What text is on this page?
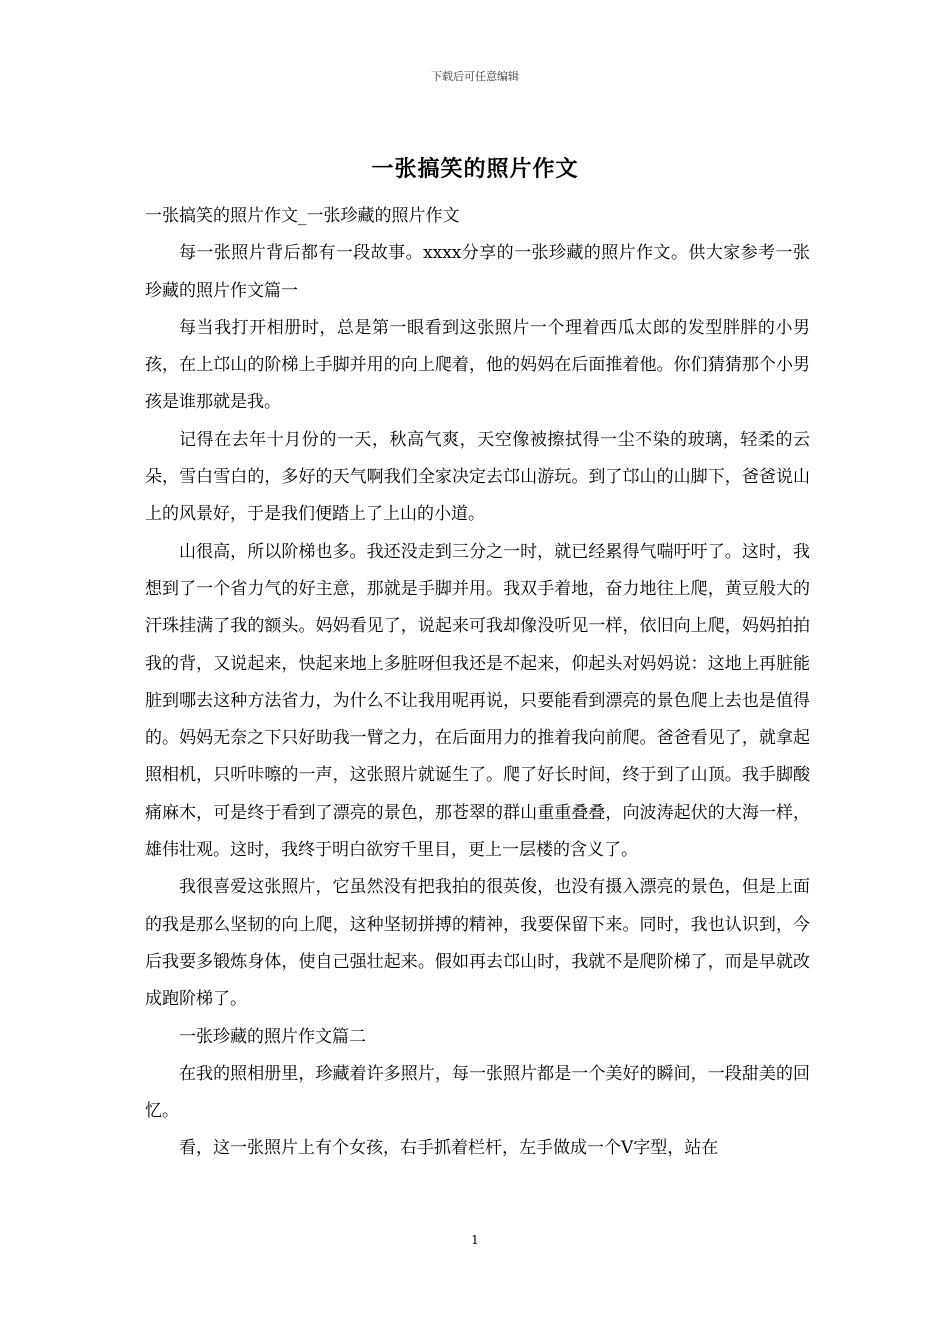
下载后可任意编辑
一张搞笑的照片作文

一张搞笑的照片作文_一张珍藏的照片作文

每一张照片背后都有一段故事。xxxx分享的一张珍藏的照片作文。供大家参考一张珍藏的照片作文篇一

每当我打开相册时，总是第一眼看到这张照片一个理着西瓜太郎的发型胖胖的小男孩，在上邙山的阶梯上手脚并用的向上爬着，他的妈妈在后面推着他。你们猜猜那个小男孩是谁那就是我。

记得在去年十月份的一天，秋高气爽，天空像被擦拭得一尘不染的玻璃，轻柔的云朵，雪白雪白的，多好的天气啊我们全家决定去邙山游玩。到了邙山的山脚下，爸爸说山上的风景好，于是我们便踏上了上山的小道。

山很高，所以阶梯也多。我还没走到三分之一时，就已经累得气喘吁吁了。这时，我想到了一个省力气的好主意，那就是手脚并用。我双手着地，奋力地往上爬，黄豆般大的汗珠挂满了我的额头。妈妈看见了，说起来可我却像没听见一样，依旧向上爬，妈妈拍拍我的背，又说起来，快起来地上多脏呀但我还是不起来，仰起头对妈妈说：这地上再脏能脏到哪去这种方法省力，为什么不让我用呢再说，只要能看到漂亮的景色爬上去也是值得的。妈妈无奈之下只好助我一臂之力，在后面用力的推着我向前爬。爸爸看见了，就拿起照相机，只听咔嚓的一声，这张照片就诞生了。爬了好长时间，终于到了山顶。我手脚酸痛麻木，可是终于看到了漂亮的景色，那苍翠的群山重重叠叠，向波涛起伏的大海一样，雄伟壮观。这时，我终于明白欲穷千里目，更上一层楼的含义了。

我很喜爱这张照片，它虽然没有把我拍的很英俊，也没有摄入漂亮的景色，但是上面的我是那么坚韧的向上爬，这种坚韧拼搏的精神，我要保留下来。同时，我也认识到，今后我要多锻炼身体，使自己强壮起来。假如再去邙山时，我就不是爬阶梯了，而是早就改成跑阶梯了。

一张珍藏的照片作文篇二

在我的照相册里，珍藏着许多照片，每一张照片都是一个美好的瞬间，一段甜美的回忆。

看，这一张照片上有个女孩，右手抓着栏杆，左手做成一个V字型，站在

1
